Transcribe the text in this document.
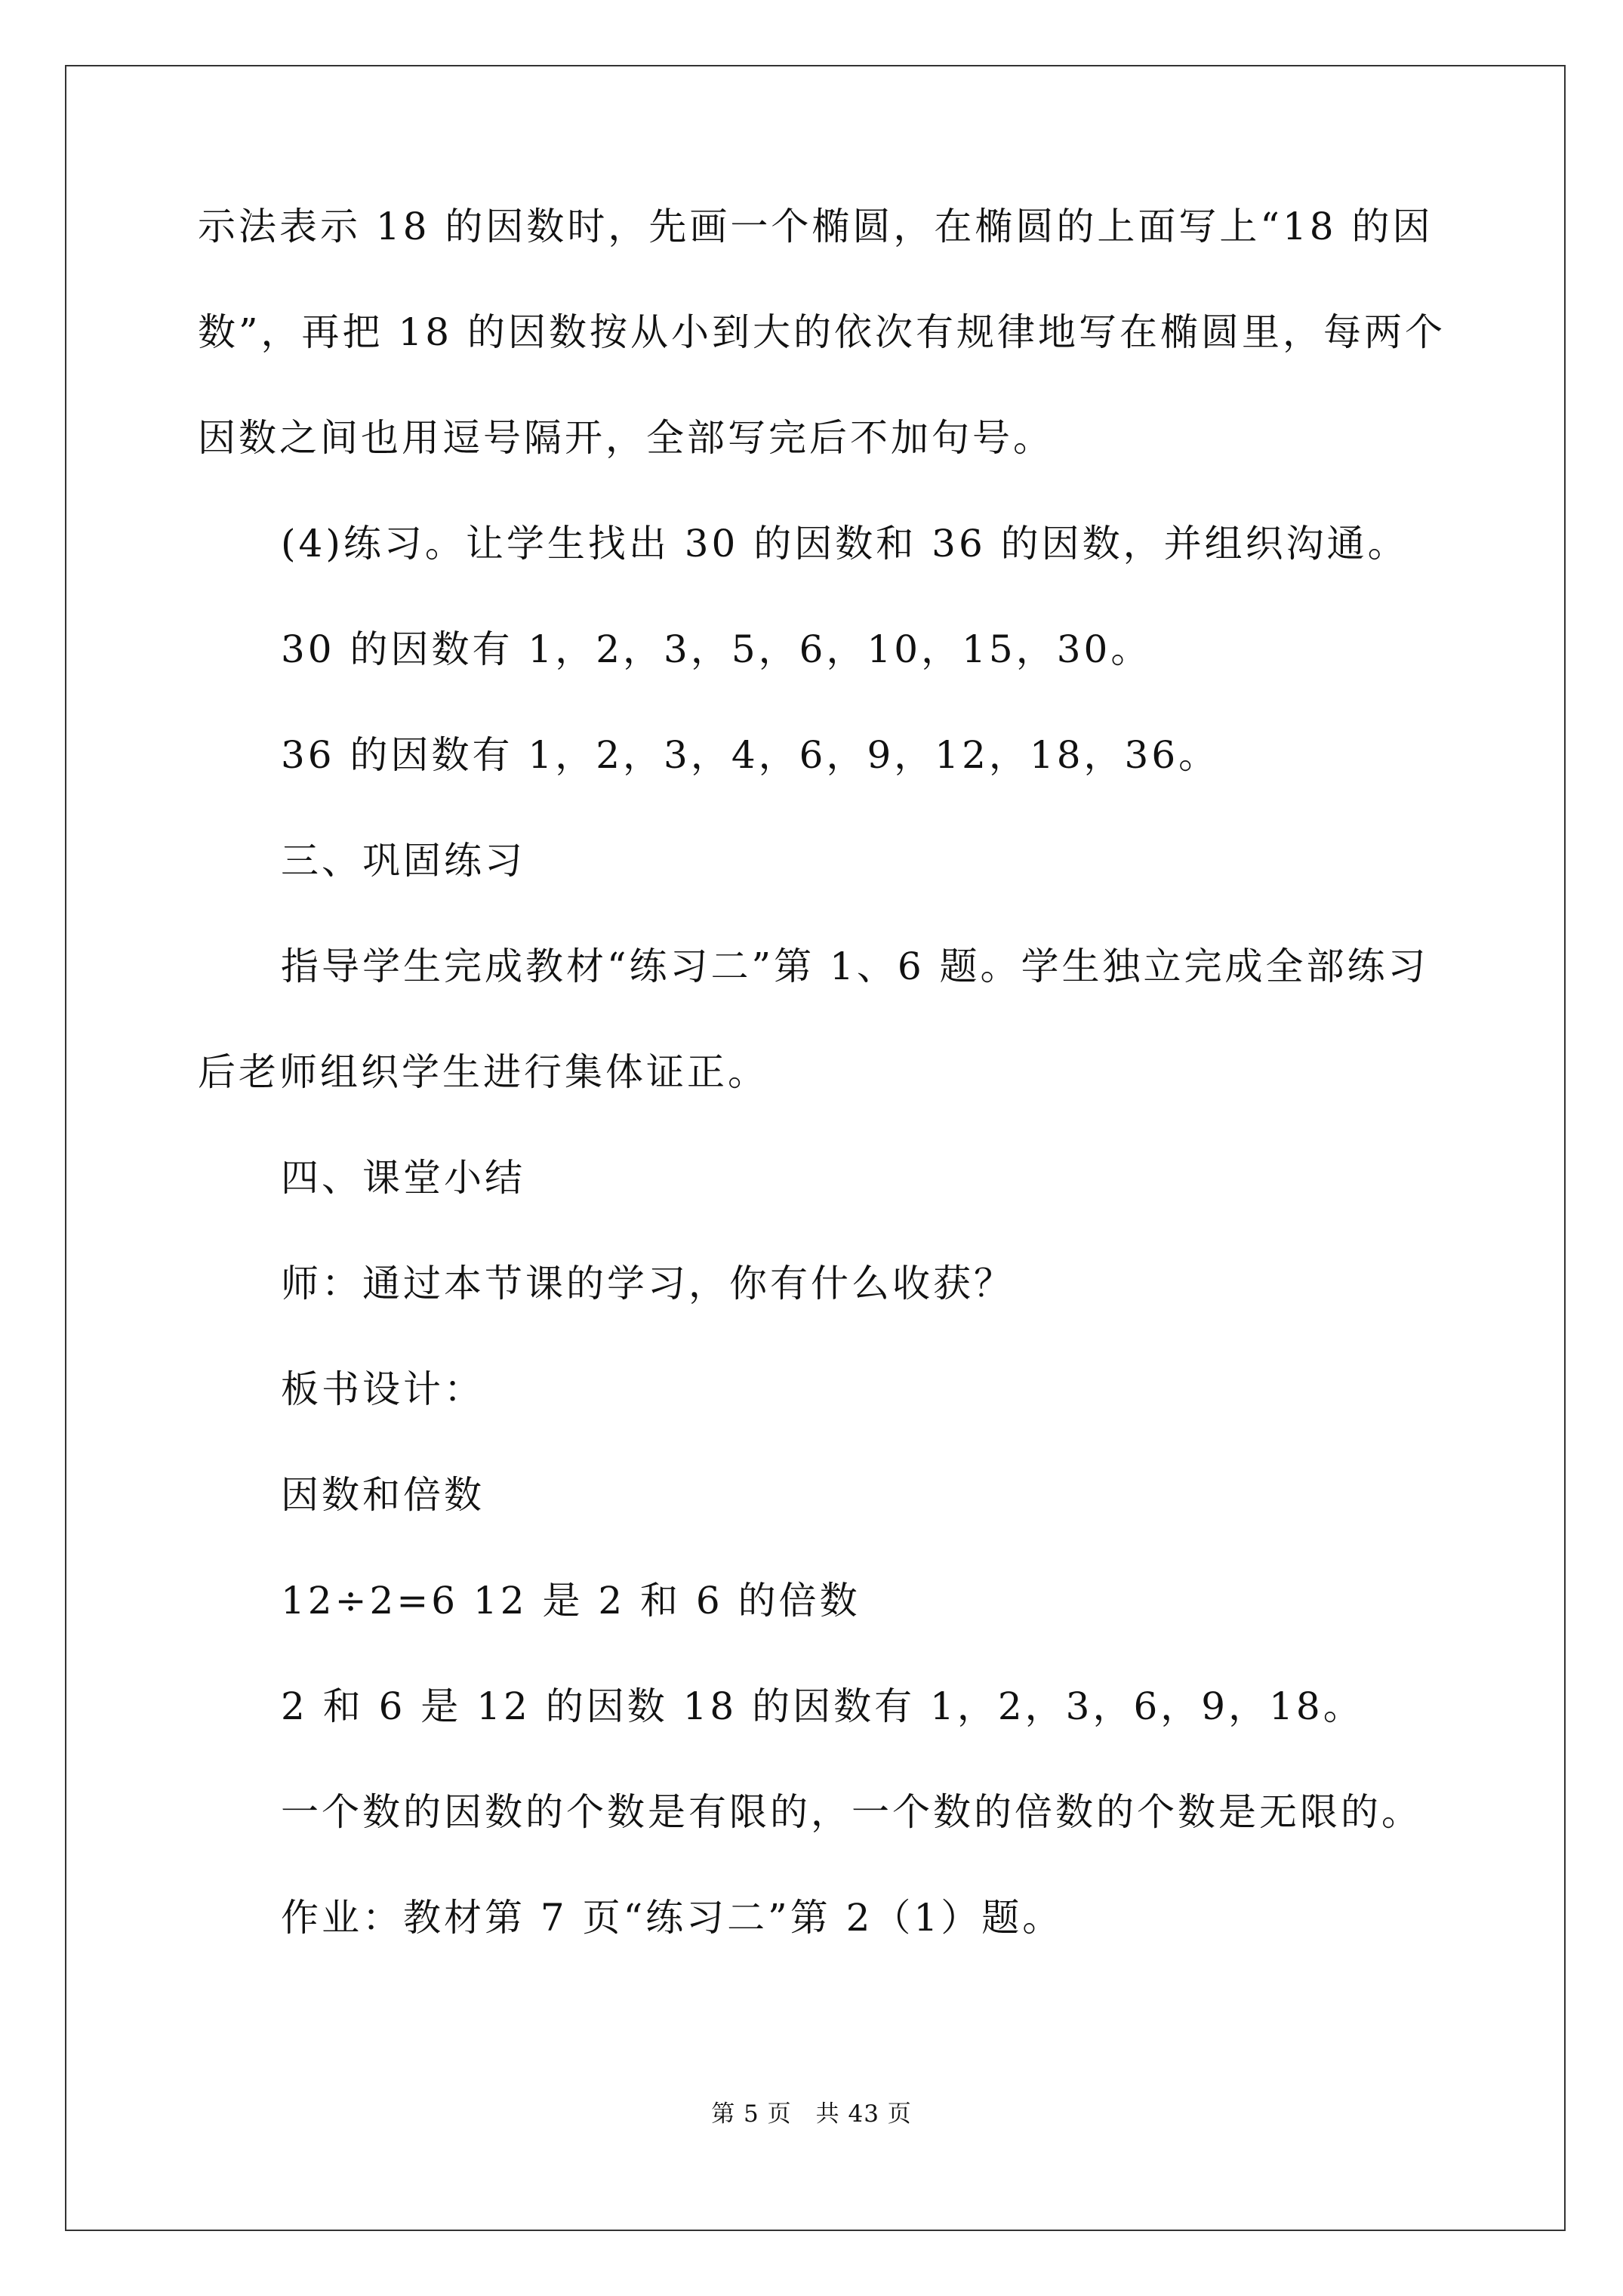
示法表示 18 的因数时，先画一个椭圆，在椭圆的上面写上“18 的因
数”，再把 18 的因数按从小到大的依次有规律地写在椭圆里，每两个
因数之间也用逗号隔开，全部写完后不加句号。
(4)练习。让学生找出 30 的因数和 36 的因数，并组织沟通。
30 的因数有 1，2，3，5，6，10，15，30。
36 的因数有 1，2，3，4，6，9，12，18，36。
三、巩固练习
指导学生完成教材“练习二”第 1、6 题。学生独立完成全部练习
后老师组织学生进行集体证正。
四、课堂小结
师：通过本节课的学习，你有什么收获？
板书设计：
因数和倍数
12÷2=6 12 是 2 和 6 的倍数
2 和 6 是 12 的因数 18 的因数有 1，2，3，6，9，18。
一个数的因数的个数是有限的，一个数的倍数的个数是无限的。
作业：教材第 7 页“练习二”第 2（1）题。
第 5 页　共 43 页
